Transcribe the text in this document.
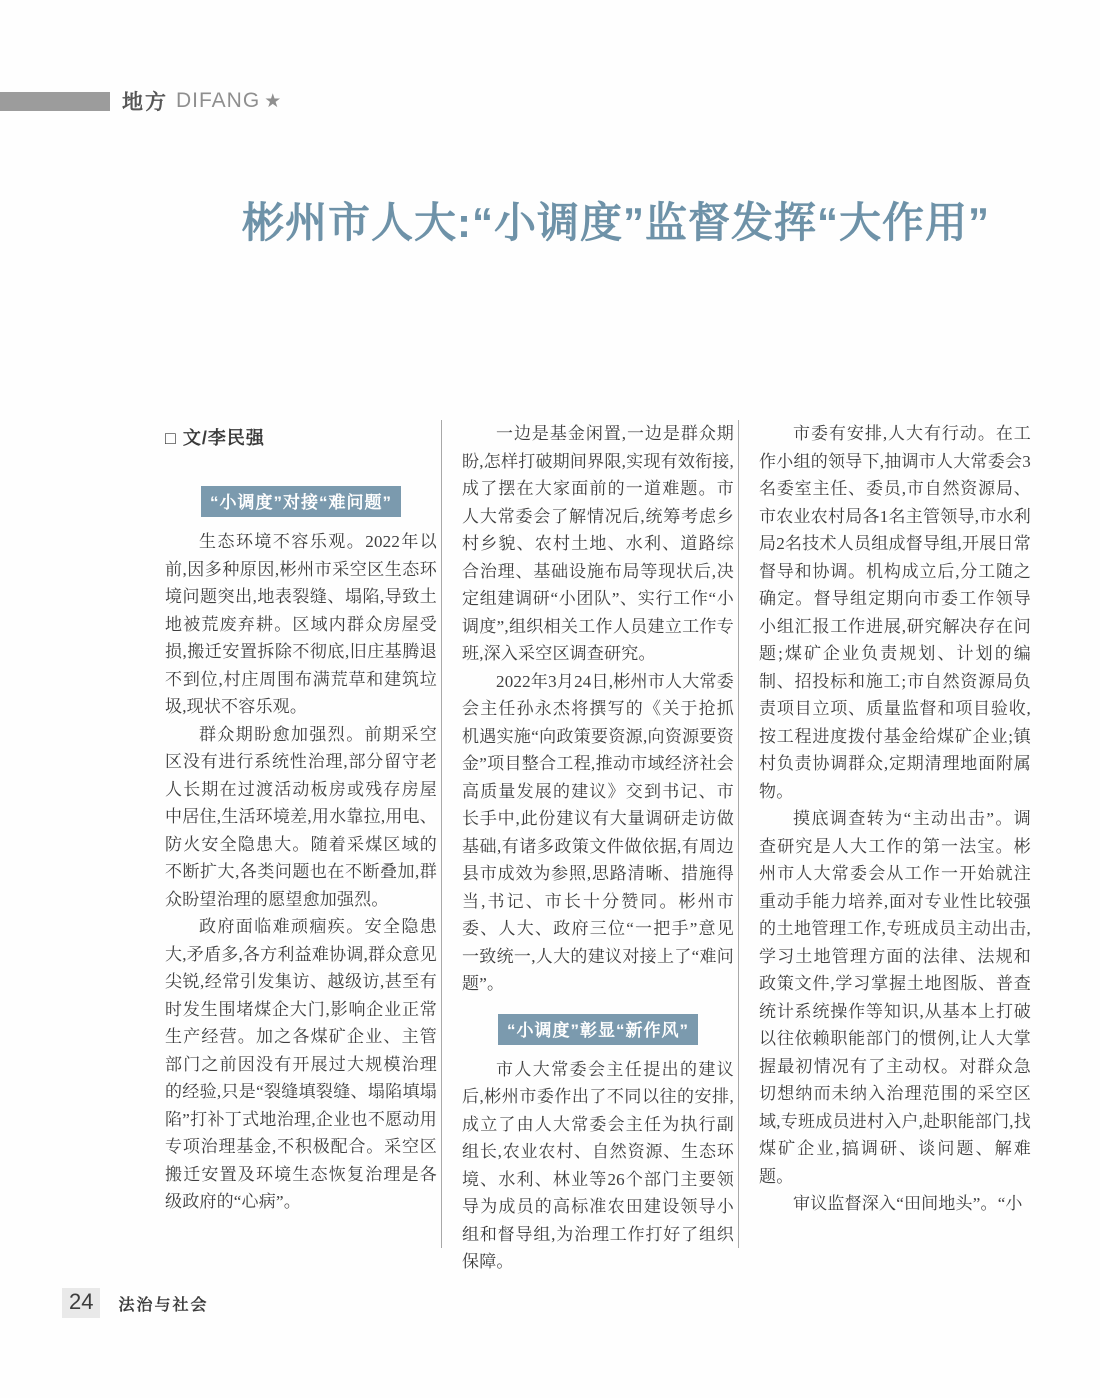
地方 DIFANG ★
彬州市人大:“小调度”监督发挥“大作用”
□ 文/李民强
“小调度”对接“难问题”

生态环境不容乐观。2022年以前,因多种原因,彬州市采空区生态环境问题突出,地表裂缝、塌陷,导致土地被荒废弃耕。区域内群众房屋受损,搬迁安置拆除不彻底,旧庄基腾退不到位,村庄周围布满荒草和建筑垃圾,现状不容乐观。

群众期盼愈加强烈。前期采空区没有进行系统性治理,部分留守老人长期在过渡活动板房或残存房屋中居住,生活环境差,用水靠拉,用电、防火安全隐患大。随着采煤区域的不断扩大,各类问题也在不断叠加,群众盼望治理的愿望愈加强烈。

政府面临难顽痼疾。安全隐患大,矛盾多,各方利益难协调,群众意见尖锐,经常引发集访、越级访,甚至有时发生围堵煤企大门,影响企业正常生产经营。加之各煤矿企业、主管部门之前因没有开展过大规模治理的经验,只是“裂缝填裂缝、塌陷填塌陷”打补丁式地治理,企业也不愿动用专项治理基金,不积极配合。采空区搬迁安置及环境生态恢复治理是各级政府的“心病”。

一边是基金闲置,一边是群众期盼,怎样打破期间界限,实现有效衔接,成了摆在大家面前的一道难题。市人大常委会了解情况后,统筹考虑乡村乡貌、农村土地、水利、道路综合治理、基础设施布局等现状后,决定组建调研“小团队”、实行工作“小调度”,组织相关工作人员建立工作专班,深入采空区调查研究。

2022年3月24日,彬州市人大常委会主任孙永杰将撰写的《关于抢抓机遇实施“向政策要资源,向资源要资金”项目整合工程,推动市域经济社会高质量发展的建议》交到书记、市长手中,此份建议有大量调研走访做基础,有诸多政策文件做依据,有周边县市成效为参照,思路清晰、措施得当,书记、市长十分赞同。彬州市委、人大、政府三位“一把手”意见一致统一,人大的建议对接上了“难问题”。

“小调度”彰显“新作风”

市人大常委会主任提出的建议后,彬州市委作出了不同以往的安排,成立了由人大常委会主任为执行副组长,农业农村、自然资源、生态环境、水利、林业等26个部门主要领导为成员的高标准农田建设领导小组和督导组,为治理工作打好了组织保障。

市委有安排,人大有行动。在工作小组的领导下,抽调市人大常委会3名委室主任、委员,市自然资源局、市农业农村局各1名主管领导,市水利局2名技术人员组成督导组,开展日常督导和协调。机构成立后,分工随之确定。督导组定期向市委工作领导小组汇报工作进展,研究解决存在问题;煤矿企业负责规划、计划的编制、招投标和施工;市自然资源局负责项目立项、质量监督和项目验收,按工程进度拨付基金给煤矿企业;镇村负责协调群众,定期清理地面附属物。

摸底调查转为“主动出击”。调查研究是人大工作的第一法宝。彬州市人大常委会从工作一开始就注重动手能力培养,面对专业性比较强的土地管理工作,专班成员主动出击,学习土地管理方面的法律、法规和政策文件,学习掌握土地图版、普查统计系统操作等知识,从基本上打破以往依赖职能部门的惯例,让人大掌握最初情况有了主动权。对群众急切想纳而未纳入治理范围的采空区域,专班成员进村入户,赴职能部门,找煤矿企业,搞调研、谈问题、解难题。

审议监督深入“田间地头”。“小

24	法治与社会
